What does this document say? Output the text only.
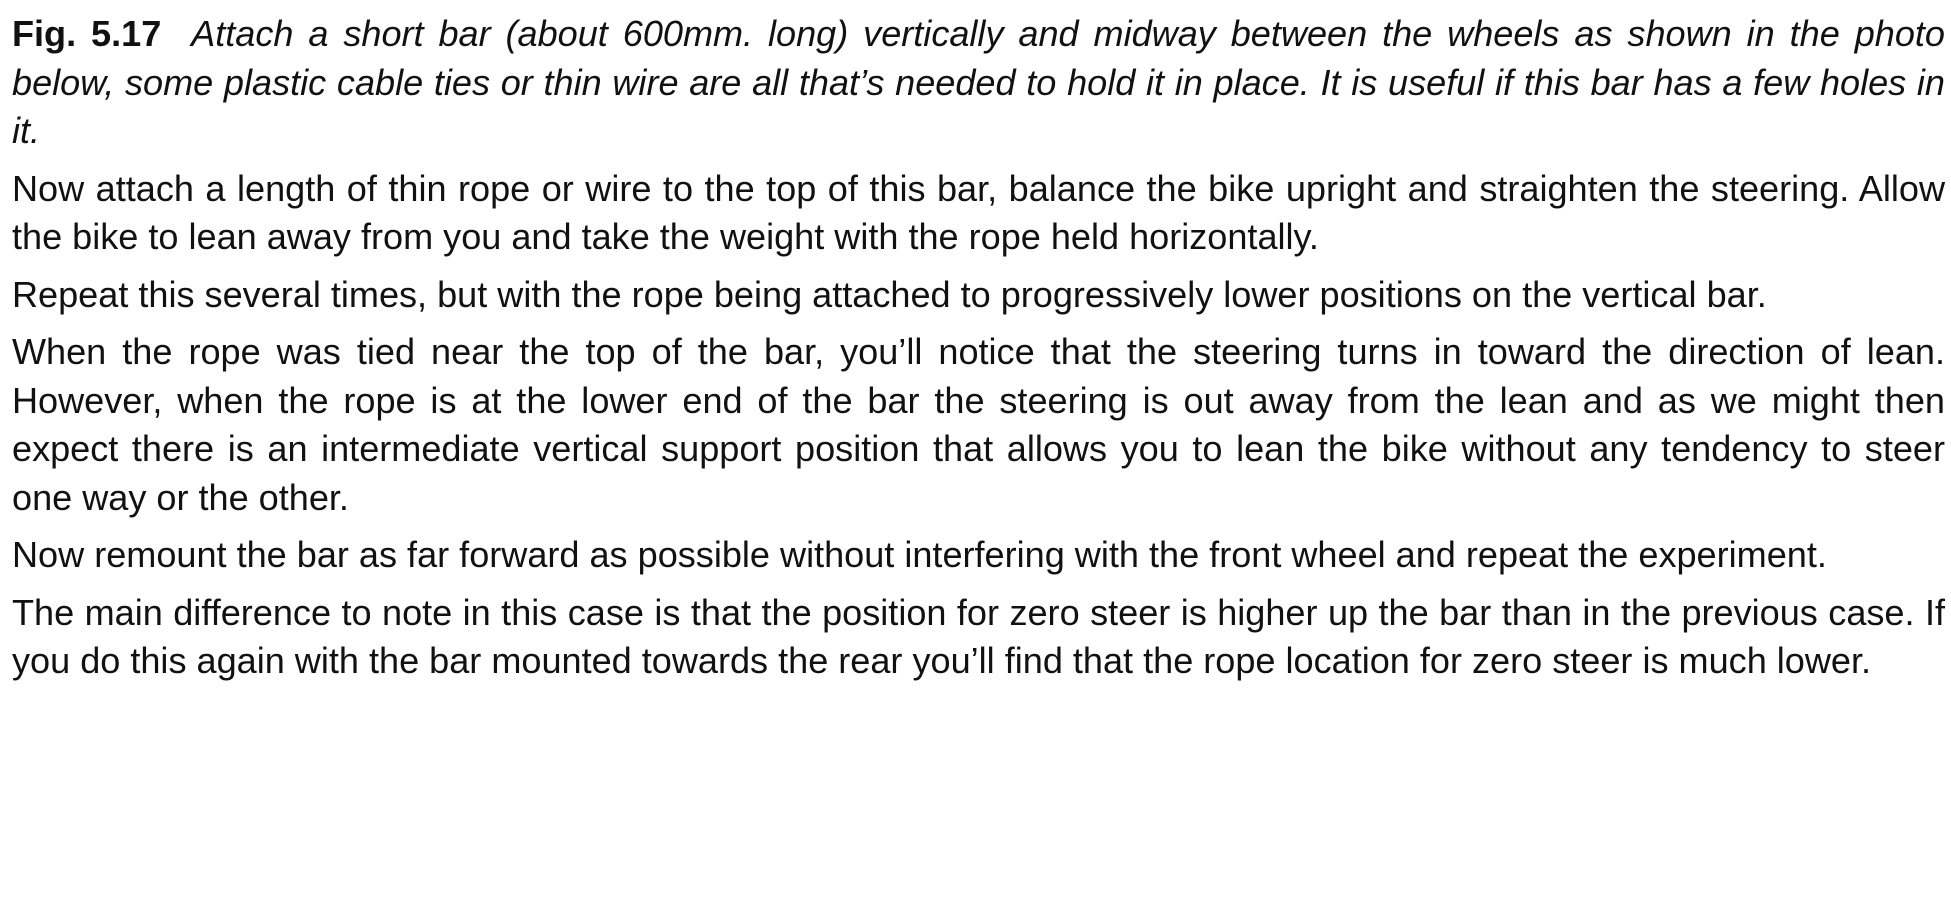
Fig. 5.17 Attach a short bar (about 600mm. long) vertically and midway between the wheels as shown in the photo below, some plastic cable ties or thin wire are all that’s needed to hold it in place. It is useful if this bar has a few holes in it.

Now attach a length of thin rope or wire to the top of this bar, balance the bike upright and straighten the steering. Allow the bike to lean away from you and take the weight with the rope held horizontally.

Repeat this several times, but with the rope being attached to progressively lower positions on the vertical bar.

When the rope was tied near the top of the bar, you’ll notice that the steering turns in toward the direction of lean. However, when the rope is at the lower end of the bar the steering is out away from the lean and as we might then expect there is an intermediate vertical support position that allows you to lean the bike without any tendency to steer one way or the other.

Now remount the bar as far forward as possible without interfering with the front wheel and repeat the experiment.

The main difference to note in this case is that the position for zero steer is higher up the bar than in the previous case. If you do this again with the bar mounted towards the rear you’ll find that the rope location for zero steer is much lower.
